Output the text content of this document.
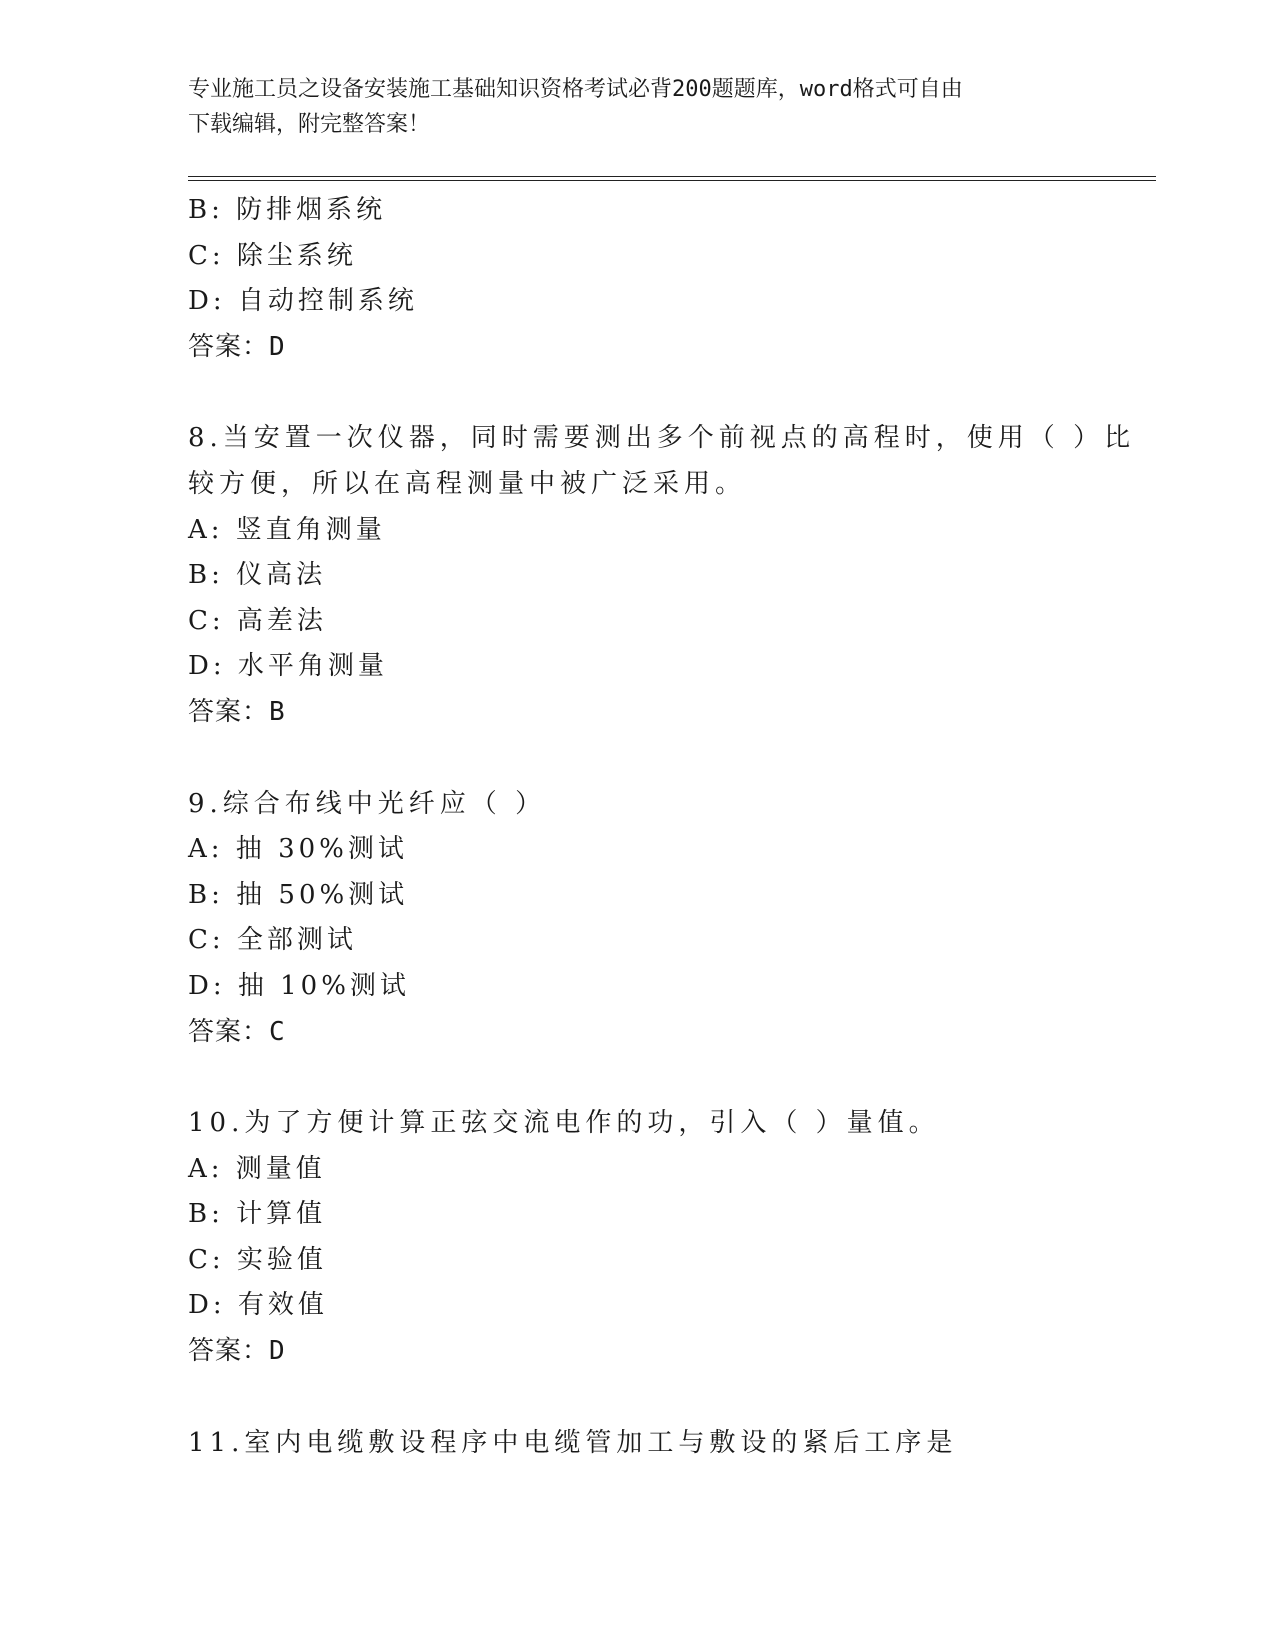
专业施工员之设备安装施工基础知识资格考试必背200题题库，word格式可自由
下载编辑，附完整答案！
B: 防排烟系统
C: 除尘系统
D: 自动控制系统
答案：D
8.当安置一次仪器，同时需要测出多个前视点的高程时，使用（ ）比
较方便，所以在高程测量中被广泛采用。
A: 竖直角测量
B: 仪高法
C: 高差法
D: 水平角测量
答案：B
9.综合布线中光纤应（ ）
A: 抽 30%测试
B: 抽 50%测试
C: 全部测试
D: 抽 10%测试
答案：C
10.为了方便计算正弦交流电作的功，引入（ ）量值。
A: 测量值
B: 计算值
C: 实验值
D: 有效值
答案：D
11.室内电缆敷设程序中电缆管加工与敷设的紧后工序是
